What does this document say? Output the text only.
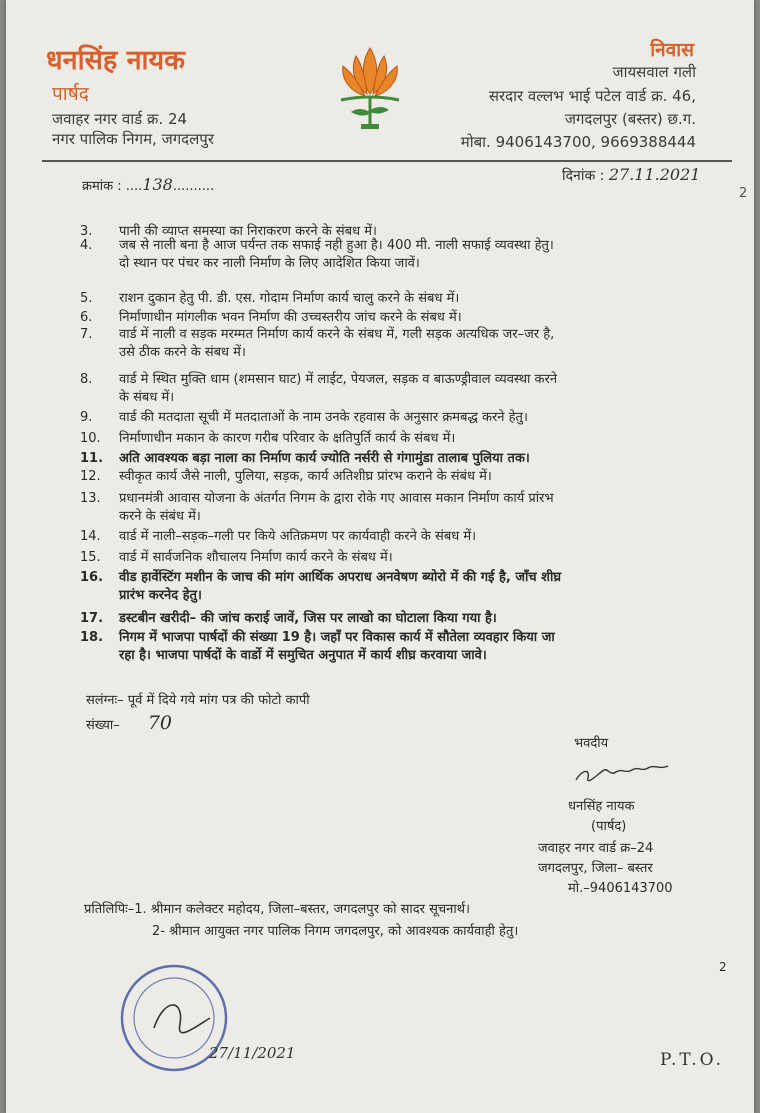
धनसिंह नायक
पार्षद
जवाहर नगर वार्ड क्र. 24
नगर पालिक निगम, जगदलपुर
निवास
जायसवाल गली
सरदार वल्लभ भाई पटेल वार्ड क्र. 46,
जगदलपुर (बस्तर) छ.ग.
मोबा. 9406143700, 9669388444
क्रमांक : ....138..........
दिनांक : 27.11.2021
2
3.	पानी की व्याप्त समस्या का निराकरण करने के संबध में।
4.	जब से नाली बना है आज पर्यन्त तक सफाई नही हुआ है। 400 मी. नाली सफाई व्यवस्था हेतु।
दो स्थान पर पंचर कर नाली निर्माण के लिए आदेशित किया जावें।
5.	राशन दुकान हेतु पी. डी. एस. गोदाम निर्माण कार्य चालु करने के संबध में।
6.	निर्माणाधीन मांगलीक भवन निर्माण की उच्चस्तरीय जांच करने के संबध में।
7.	वार्ड में नाली व सड़क मरम्मत निर्माण कार्य करने के संबध में, गली सड़क अत्यधिक जर–जर है,
उसे ठीक करने के संबध में।
8.	वार्ड मे स्थित मुक्ति धाम (शमसान घाट) में लाईट, पेयजल, सड़क व बाऊण्ड्रीवाल व्यवस्था करने
के संबध में।
9.	वार्ड की मतदाता सूची में मतदाताओं के नाम उनके रहवास के अनुसार क्रमबद्ध करने हेतु।
10.	निर्माणाधीन मकान के कारण गरीब परिवार के क्षतिपुर्ति कार्य के संबध में।
11.	अति आवश्यक बड़ा नाला का निर्माण कार्य ज्योति नर्सरी से गंगामुंडा तालाब पुलिया तक।
12.	स्वीकृत कार्य जैसे नाली, पुलिया, सड़क, कार्य अतिशीघ्र प्रांरभ कराने के संबंध में।
13.	प्रधानमंत्री आवास योजना के अंतर्गत निगम के द्वारा रोके गए आवास मकान निर्माण कार्य प्रांरभ
करने के संबंध में।
14.	वार्ड में नाली–सड़क–गली पर किये अतिक्रमण पर कार्यवाही करने के संबध में।
15.	वार्ड में सार्वजनिक शौचालय निर्माण कार्य करने के संबध में।
16.	वीड हार्वेस्टिंग मशीन के जाच की मांग आर्थिक अपराध अनवेषण ब्योरो में की गई है, जाँच शीघ्र
प्रारंभ करनेद हेतु।
17.	डस्टबीन खरीदी– की जांच कराई जावें, जिस पर लाखो का घोटाला किया गया है।
18.	निगम में भाजपा पार्षदों की संख्या 19 है। जहाँ पर विकास कार्य में सौतेला व्यवहार किया जा
रहा है। भाजपा पार्षदों के वार्डो में समुचित अनुपात में कार्य शीघ्र करवाया जावे।
सलंग्नः– पूर्व में दिये गये मांग पत्र की फोटो कापी
संख्या– 70
भवदीय
धनसिंह नायक
(पार्षद)
जवाहर नगर वार्ड क्र–24
जगदलपुर, जिला– बस्तर
मो.–9406143700
प्रतिलिपिः–1. श्रीमान कलेक्टर महोदय, जिला–बस्तर, जगदलपुर को सादर सूचनार्थ।
2- श्रीमान आयुक्त नगर पालिक निगम जगदलपुर, को आवश्यक कार्यवाही हेतु।
2
27/11/2021	P.T.O.
